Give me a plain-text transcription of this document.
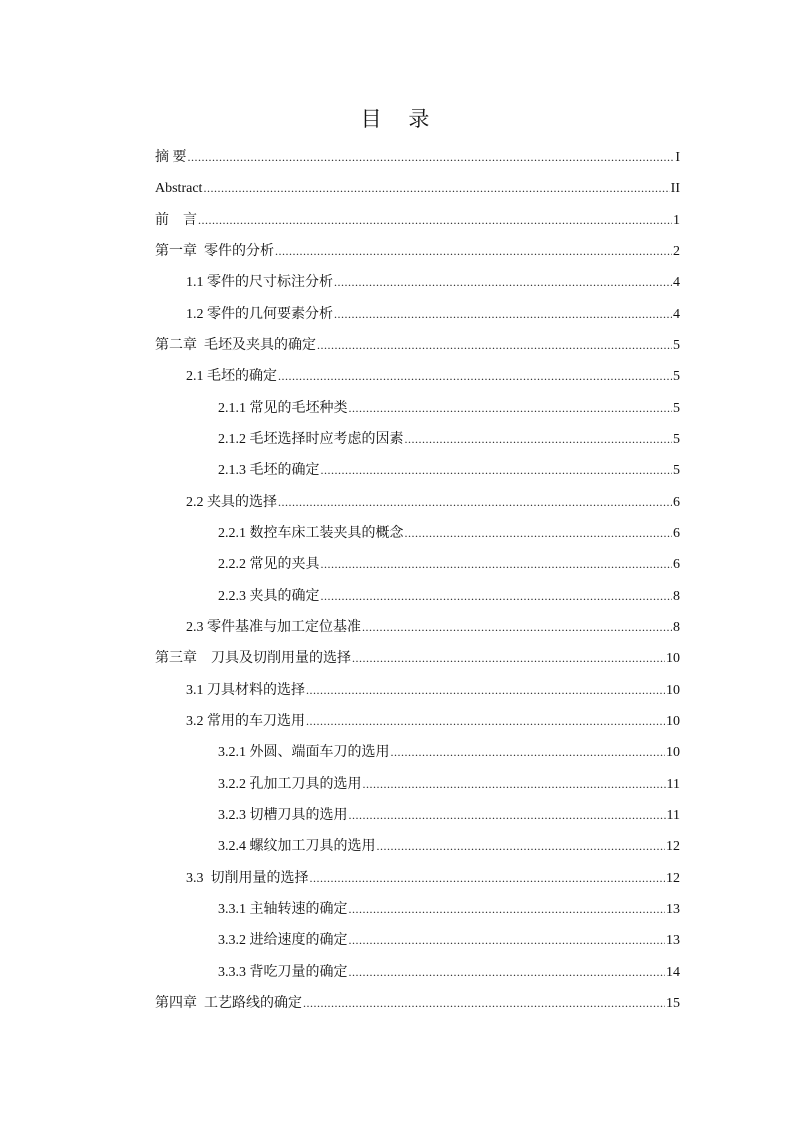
目 录
摘 要 .....	I
Abstract .....	II
前    言 .....	1
第一章  零件的分析 .....	2
1.1 零件的尺寸标注分析 .....	4
1.2 零件的几何要素分析 .....	4
第二章  毛坯及夹具的确定 .....	5
2.1 毛坯的确定 .....	5
2.1.1 常见的毛坯种类 .....	5
2.1.2 毛坯选择时应考虑的因素 .....	5
2.1.3 毛坯的确定 .....	5
2.2 夹具的选择 .....	6
2.2.1 数控车床工装夹具的概念 .....	6
2.2.2 常见的夹具 .....	6
2.2.3 夹具的确定 .....	8
2.3 零件基准与加工定位基准 .....	8
第三章    刀具及切削用量的选择 .....	10
3.1 刀具材料的选择 .....	10
3.2 常用的车刀选用 .....	10
3.2.1 外圆、端面车刀的选用 .....	10
3.2.2 孔加工刀具的选用 .....	11
3.2.3 切槽刀具的选用 .....	11
3.2.4 螺纹加工刀具的选用 .....	12
3.3  切削用量的选择 .....	12
3.3.1 主轴转速的确定 .....	13
3.3.2 进给速度的确定 .....	13
3.3.3 背吃刀量的确定 .....	14
第四章  工艺路线的确定 .....	15
